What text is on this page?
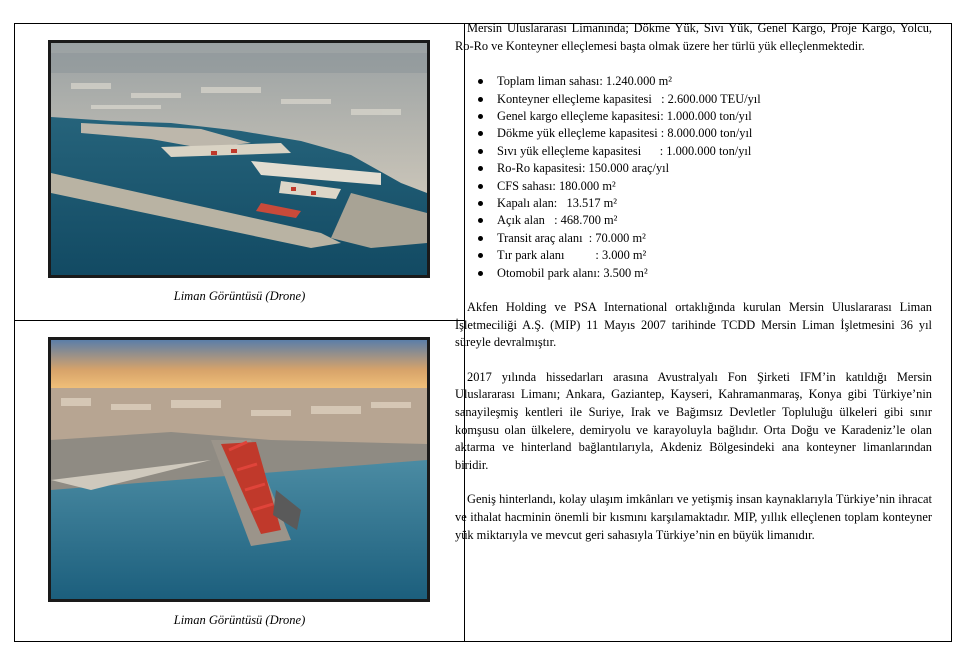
Liman Görüntüsü (Drone)
Liman Görüntüsü (Drone)

Mersin Uluslararası Limanında; Dökme Yük, Sıvı Yük, Genel Kargo, Proje Kargo, Yolcu, Ro-Ro ve Konteyner elleçlemesi başta olmak üzere her türlü yük elleçlenmektedir.

Toplam liman sahası: 1.240.000 m²
Konteyner elleçleme kapasitesi   : 2.600.000 TEU/yıl
Genel kargo elleçleme kapasitesi: 1.000.000 ton/yıl
Dökme yük elleçleme kapasitesi : 8.000.000 ton/yıl
Sıvı yük elleçleme kapasitesi      : 1.000.000 ton/yıl
Ro-Ro kapasitesi: 150.000 araç/yıl
CFS sahası: 180.000 m²
Kapalı alan:   13.517 m²
Açık alan   : 468.700 m²
Transit araç alanı  : 70.000 m²
Tır park alanı          : 3.000 m²
Otomobil park alanı: 3.500 m²

Akfen Holding ve PSA International ortaklığında kurulan Mersin Uluslararası Liman İşletmeciliği A.Ş. (MIP) 11 Mayıs 2007 tarihinde TCDD Mersin Liman İşletmesini 36 yıl süreyle devralmıştır.

2017 yılında hissedarları arasına Avustralyalı Fon Şirketi IFM’in katıldığı Mersin Uluslararası Limanı; Ankara, Gaziantep, Kayseri, Kahramanmaraş, Konya gibi Türkiye’nin sanayileşmiş kentleri ile Suriye, Irak ve Bağımsız Devletler Topluluğu ülkeleri gibi sınır komşusu olan ülkelere, demiryolu ve karayoluyla bağlıdır. Orta Doğu ve Karadeniz’le olan aktarma ve hinterland bağlantılarıyla, Akdeniz Bölgesindeki ana konteyner limanlarından biridir.

Geniş hinterlandı, kolay ulaşım imkânları ve yetişmiş insan kaynaklarıyla Türkiye’nin ihracat ve ithalat hacminin önemli bir kısmını karşılamaktadır. MIP, yıllık elleçlenen toplam konteyner yük miktarıyla ve mevcut geri sahasıyla Türkiye’nin en büyük limanıdır.
